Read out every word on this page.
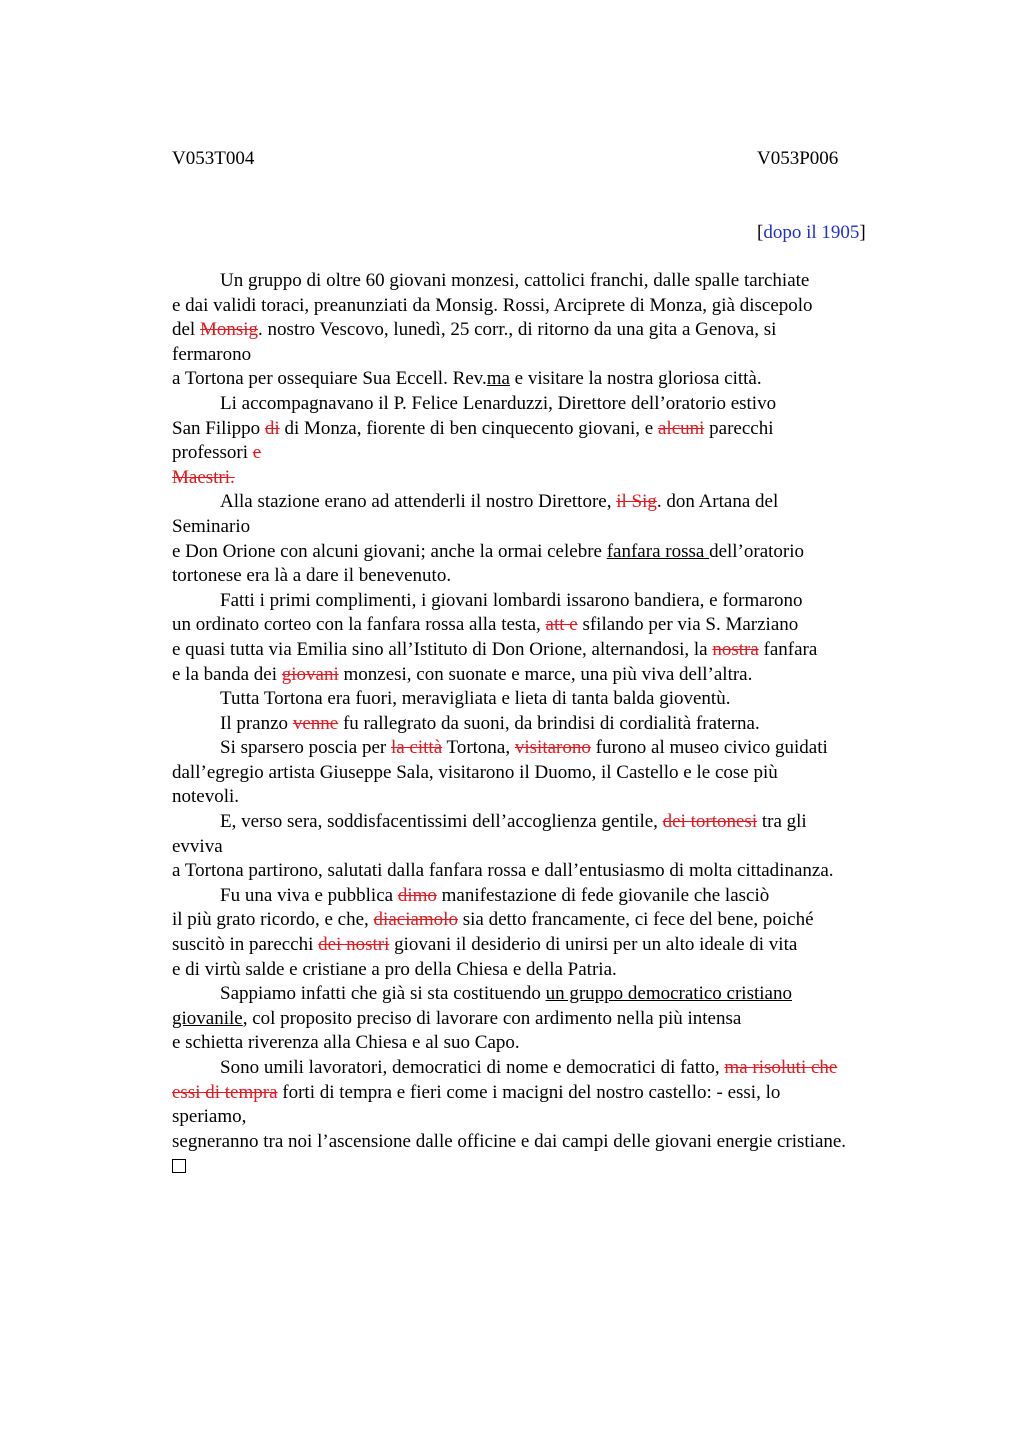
V053T004	V053P006
[dopo il 1905]
Un gruppo di oltre 60 giovani monzesi, cattolici franchi, dalle spalle tarchiate
e dai validi toraci, preanunziati da Monsig. Rossi, Arciprete di Monza, già discepolo
del Monsig. nostro Vescovo, lunedì, 25 corr., di ritorno da una gita a Genova, si
fermarono
a Tortona per ossequiare Sua Eccell. Rev.ma e visitare la nostra gloriosa città.
Li accompagnavano il P. Felice Lenarduzzi, Direttore dell’oratorio estivo
San Filippo di di Monza, fiorente di ben cinquecento giovani, e alcuni parecchi
professori e
Maestri.
Alla stazione erano ad attenderli il nostro Direttore, il Sig. don Artana del
Seminario
e Don Orione con alcuni giovani; anche la ormai celebre fanfara rossa dell’oratorio
tortonese era là a dare il benevenuto.
Fatti i primi complimenti, i giovani lombardi issarono bandiera, e formarono
un ordinato corteo con la fanfara rossa alla testa, att e sfilando per via S. Marziano
e quasi tutta via Emilia sino all’Istituto di Don Orione, alternandosi, la nostra fanfara
e la banda dei giovani monzesi, con suonate e marce, una più viva dell’altra.
Tutta Tortona era fuori, meravigliata e lieta di tanta balda gioventù.
Il pranzo venne fu rallegrato da suoni, da brindisi di cordialità fraterna.
Si sparsero poscia per la città Tortona, visitarono furono al museo civico guidati
dall’egregio artista Giuseppe Sala, visitarono il Duomo, il Castello e le cose più
notevoli.
E, verso sera, soddisfacentissimi dell’accoglienza gentile, dei tortonesi tra gli
evviva
a Tortona partirono, salutati dalla fanfara rossa e dall’entusiasmo di molta cittadinanza.
Fu una viva e pubblica dimo manifestazione di fede giovanile che lasciò
il più grato ricordo, e che, diaciamolo sia detto francamente, ci fece del bene, poiché
suscitò in parecchi dei nostri giovani il desiderio di unirsi per un alto ideale di vita
e di virtù salde e cristiane a pro della Chiesa e della Patria.
Sappiamo infatti che già si sta costituendo un gruppo democratico cristiano
giovanile, col proposito preciso di lavorare con ardimento nella più intensa
e schietta riverenza alla Chiesa e al suo Capo.
Sono umili lavoratori, democratici di nome e democratici di fatto, ma risoluti che
essi di tempra forti di tempra e fieri come i macigni del nostro castello: - essi, lo
speriamo,
segneranno tra noi l’ascensione dalle officine e dai campi delle giovani energie cristiane.
